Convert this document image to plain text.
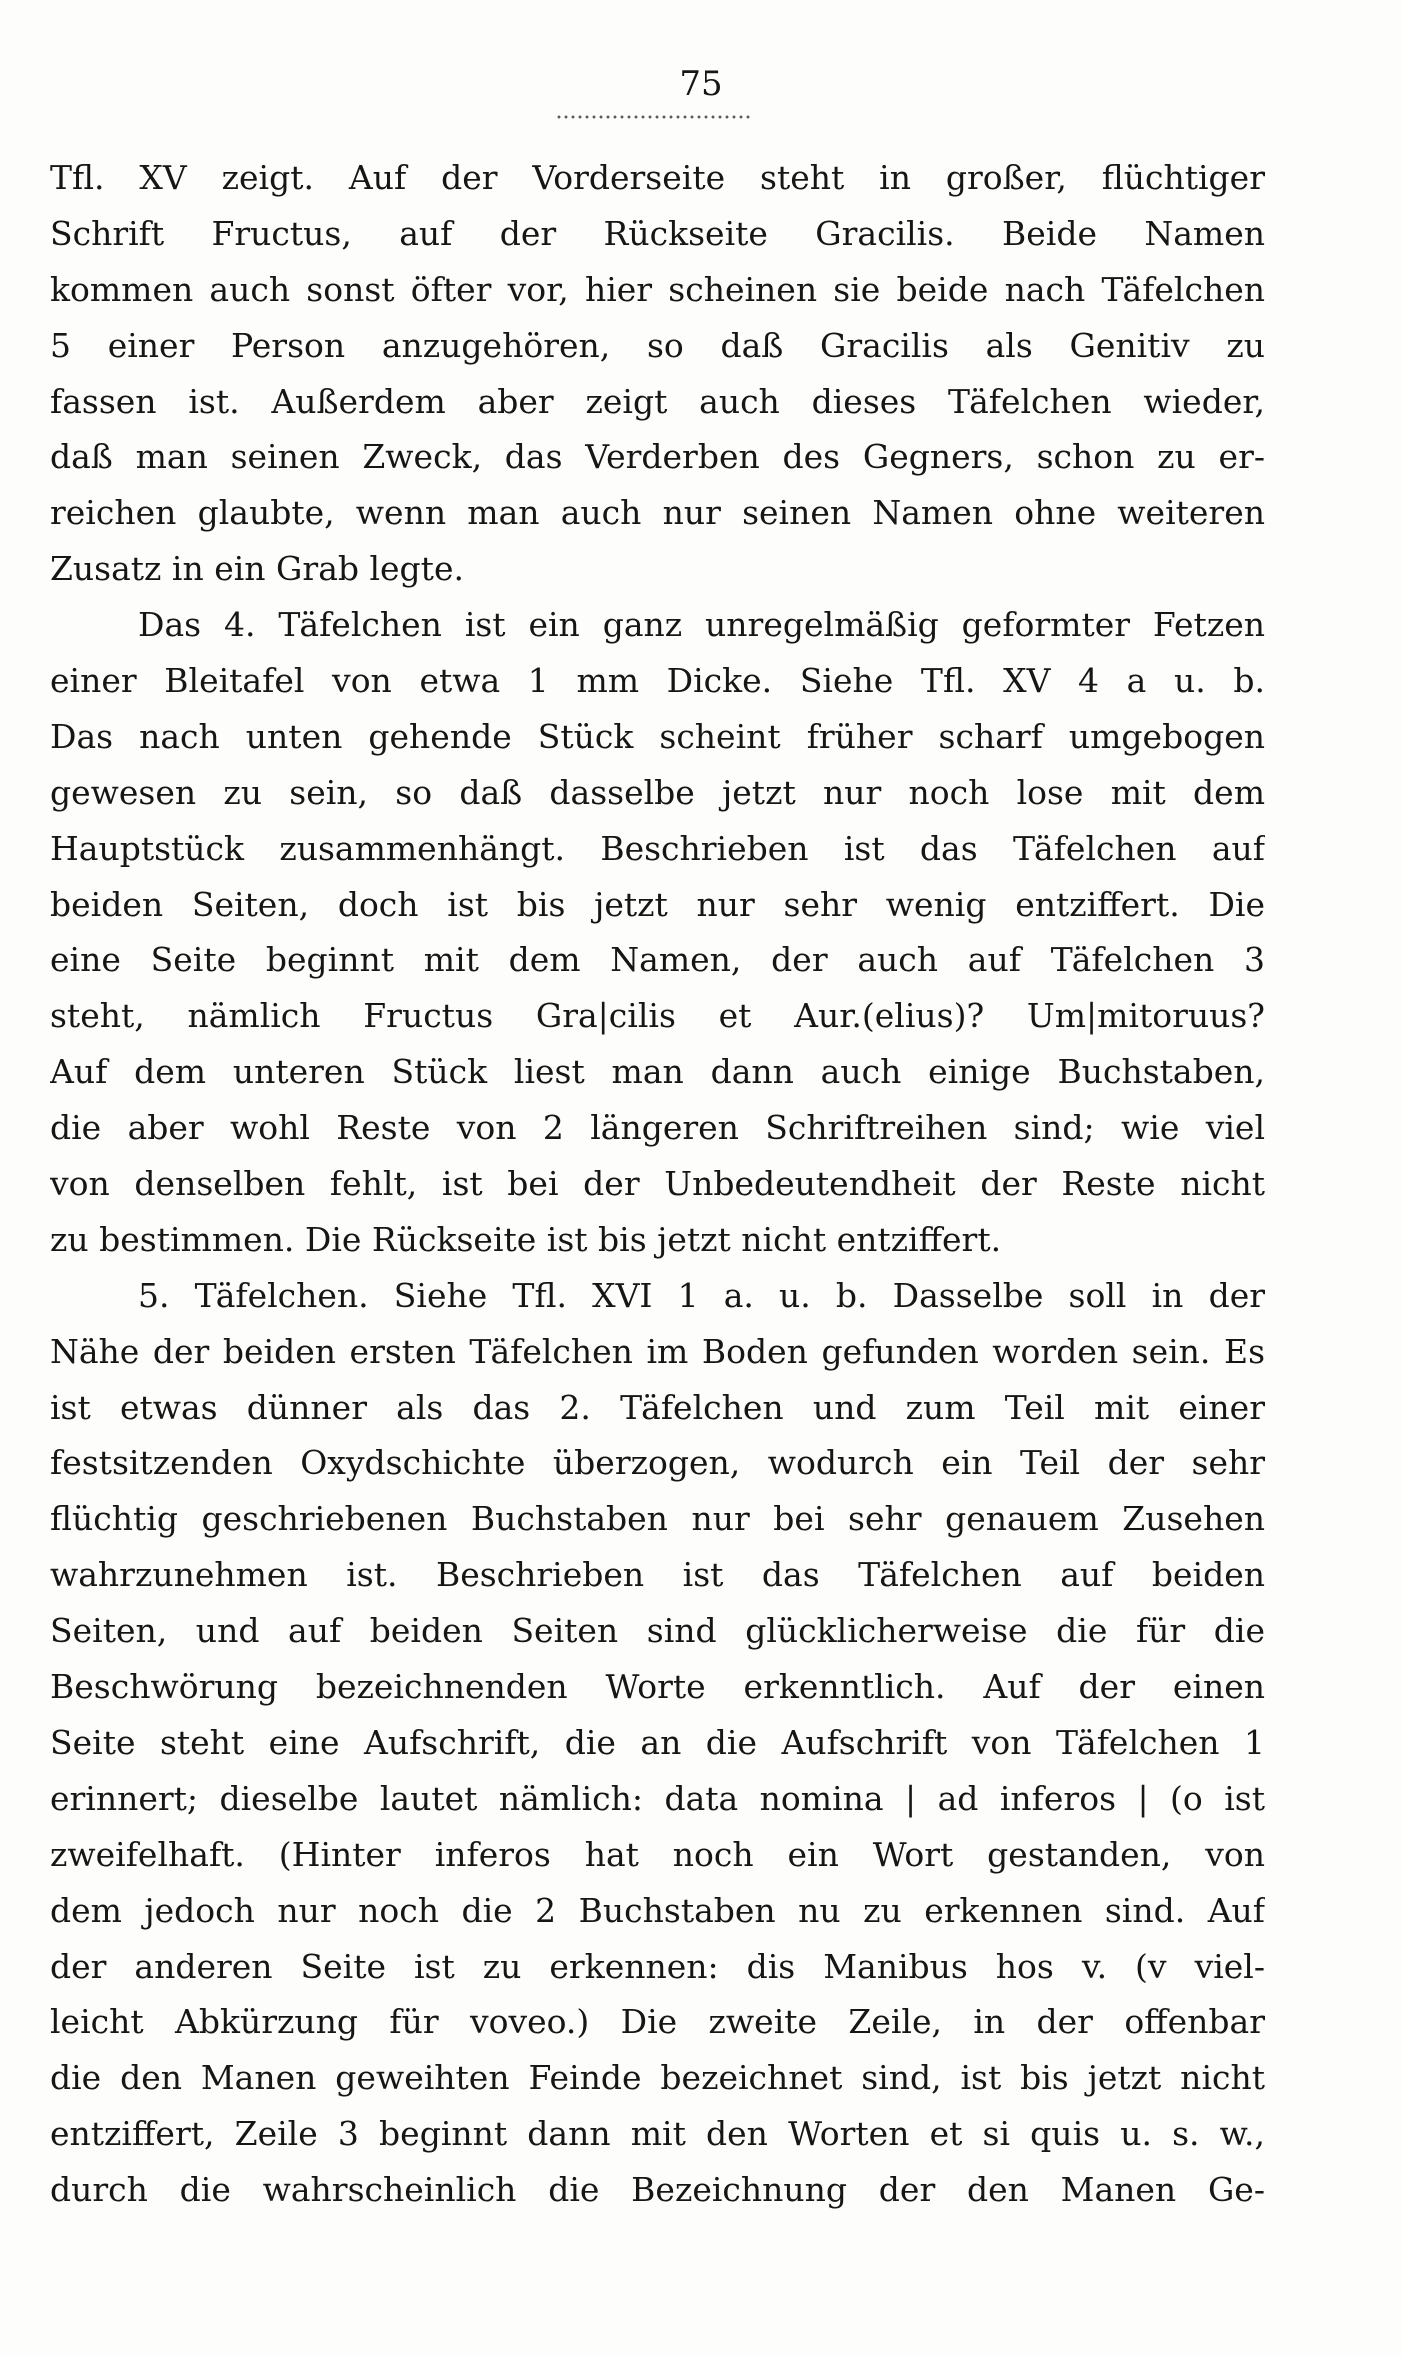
75
Tfl. XV zeigt. Auf der Vorderseite steht in großer, flüchtiger
Schrift Fructus, auf der Rückseite Gracilis. Beide Namen
kommen auch sonst öfter vor, hier scheinen sie beide nach Täfelchen
5 einer Person anzugehören, so daß Gracilis als Genitiv zu
fassen ist. Außerdem aber zeigt auch dieses Täfelchen wieder,
daß man seinen Zweck, das Verderben des Gegners, schon zu er-
reichen glaubte, wenn man auch nur seinen Namen ohne weiteren
Zusatz in ein Grab legte.
Das 4. Täfelchen ist ein ganz unregelmäßig geformter Fetzen
einer Bleitafel von etwa 1 mm Dicke. Siehe Tfl. XV 4 a u. b.
Das nach unten gehende Stück scheint früher scharf umgebogen
gewesen zu sein, so daß dasselbe jetzt nur noch lose mit dem
Hauptstück zusammenhängt. Beschrieben ist das Täfelchen auf
beiden Seiten, doch ist bis jetzt nur sehr wenig entziffert. Die
eine Seite beginnt mit dem Namen, der auch auf Täfelchen 3
steht, nämlich Fructus Gra|cilis et Aur.(elius)? Um|mitoruus?
Auf dem unteren Stück liest man dann auch einige Buchstaben,
die aber wohl Reste von 2 längeren Schriftreihen sind; wie viel
von denselben fehlt, ist bei der Unbedeutendheit der Reste nicht
zu bestimmen. Die Rückseite ist bis jetzt nicht entziffert.
5. Täfelchen. Siehe Tfl. XVI 1 a. u. b. Dasselbe soll in der
Nähe der beiden ersten Täfelchen im Boden gefunden worden sein. Es
ist etwas dünner als das 2. Täfelchen und zum Teil mit einer
festsitzenden Oxydschichte überzogen, wodurch ein Teil der sehr
flüchtig geschriebenen Buchstaben nur bei sehr genauem Zusehen
wahrzunehmen ist. Beschrieben ist das Täfelchen auf beiden
Seiten, und auf beiden Seiten sind glücklicherweise die für die
Beschwörung bezeichnenden Worte erkenntlich. Auf der einen
Seite steht eine Aufschrift, die an die Aufschrift von Täfelchen 1
erinnert; dieselbe lautet nämlich: data nomina | ad inferos | (o ist
zweifelhaft. (Hinter inferos hat noch ein Wort gestanden, von
dem jedoch nur noch die 2 Buchstaben nu zu erkennen sind. Auf
der anderen Seite ist zu erkennen: dis Manibus hos v. (v viel-
leicht Abkürzung für voveo.) Die zweite Zeile, in der offenbar
die den Manen geweihten Feinde bezeichnet sind, ist bis jetzt nicht
entziffert, Zeile 3 beginnt dann mit den Worten et si quis u. s. w.,
durch die wahrscheinlich die Bezeichnung der den Manen Ge-
